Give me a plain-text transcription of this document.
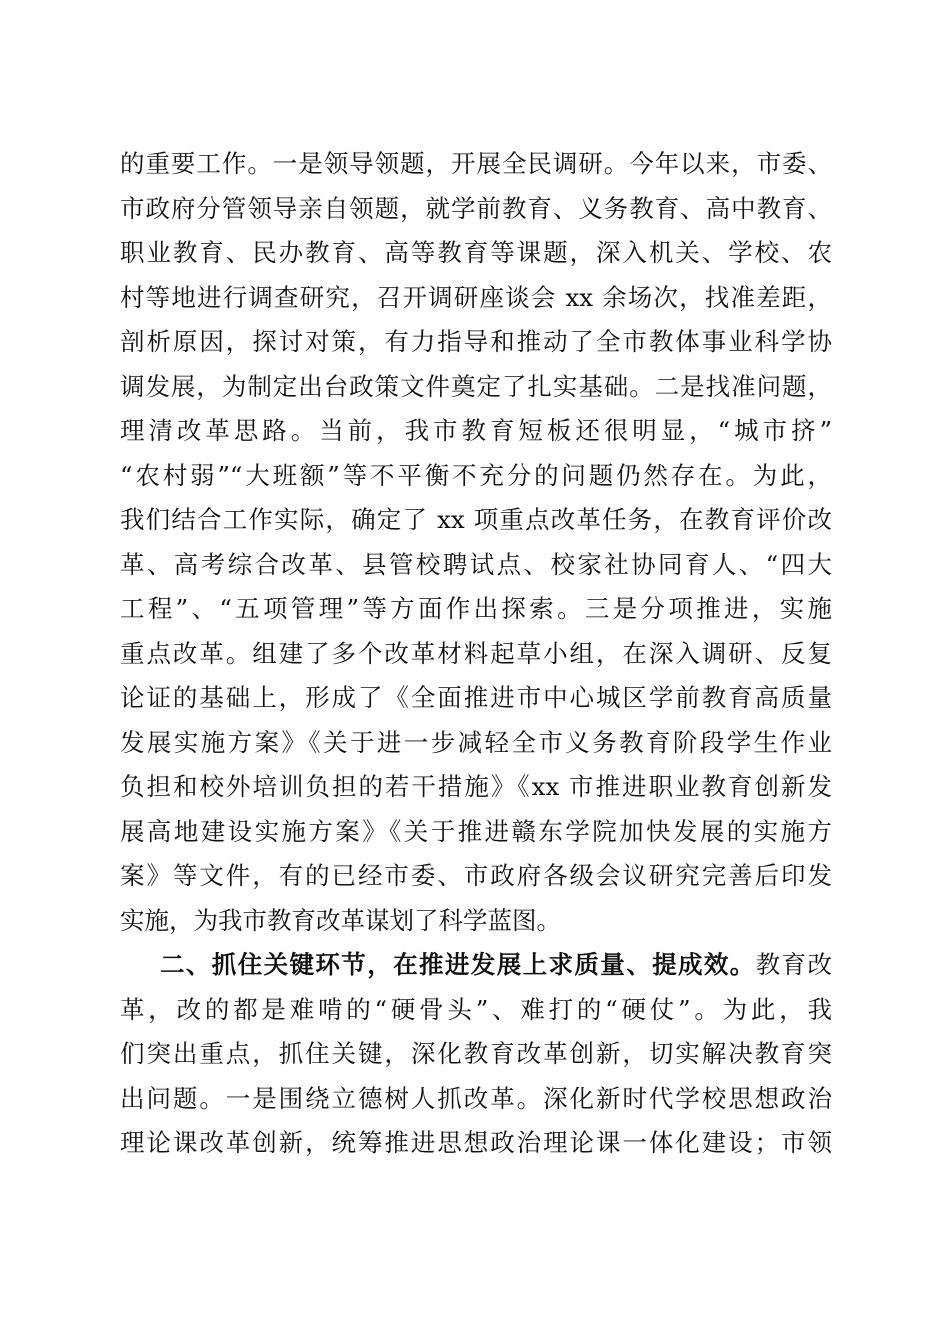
的重要工作。一是领导领题，开展全民调研。今年以来，市委、
市政府分管领导亲自领题，就学前教育、义务教育、高中教育、
职业教育、民办教育、高等教育等课题，深入机关、学校、农
村等地进行调查研究，召开调研座谈会 xx 余场次，找准差距，
剖析原因，探讨对策，有力指导和推动了全市教体事业科学协
调发展，为制定出台政策文件奠定了扎实基础。二是找准问题，
理清改革思路。当前，我市教育短板还很明显，“城市挤”
“农村弱”“大班额”等不平衡不充分的问题仍然存在。为此，
我们结合工作实际，确定了 xx 项重点改革任务，在教育评价改
革、高考综合改革、县管校聘试点、校家社协同育人、“四大
工程”、“五项管理”等方面作出探索。三是分项推进，实施
重点改革。组建了多个改革材料起草小组，在深入调研、反复
论证的基础上，形成了《全面推进市中心城区学前教育高质量
发展实施方案》《关于进一步减轻全市义务教育阶段学生作业
负担和校外培训负担的若干措施》《xx 市推进职业教育创新发
展高地建设实施方案》《关于推进赣东学院加快发展的实施方
案》等文件，有的已经市委、市政府各级会议研究完善后印发
实施，为我市教育改革谋划了科学蓝图。
二、抓住关键环节，在推进发展上求质量、提成效。教育改
革，改的都是难啃的“硬骨头”、难打的“硬仗”。为此，我
们突出重点，抓住关键，深化教育改革创新，切实解决教育突
出问题。一是围绕立德树人抓改革。深化新时代学校思想政治
理论课改革创新，统筹推进思想政治理论课一体化建设；市领
